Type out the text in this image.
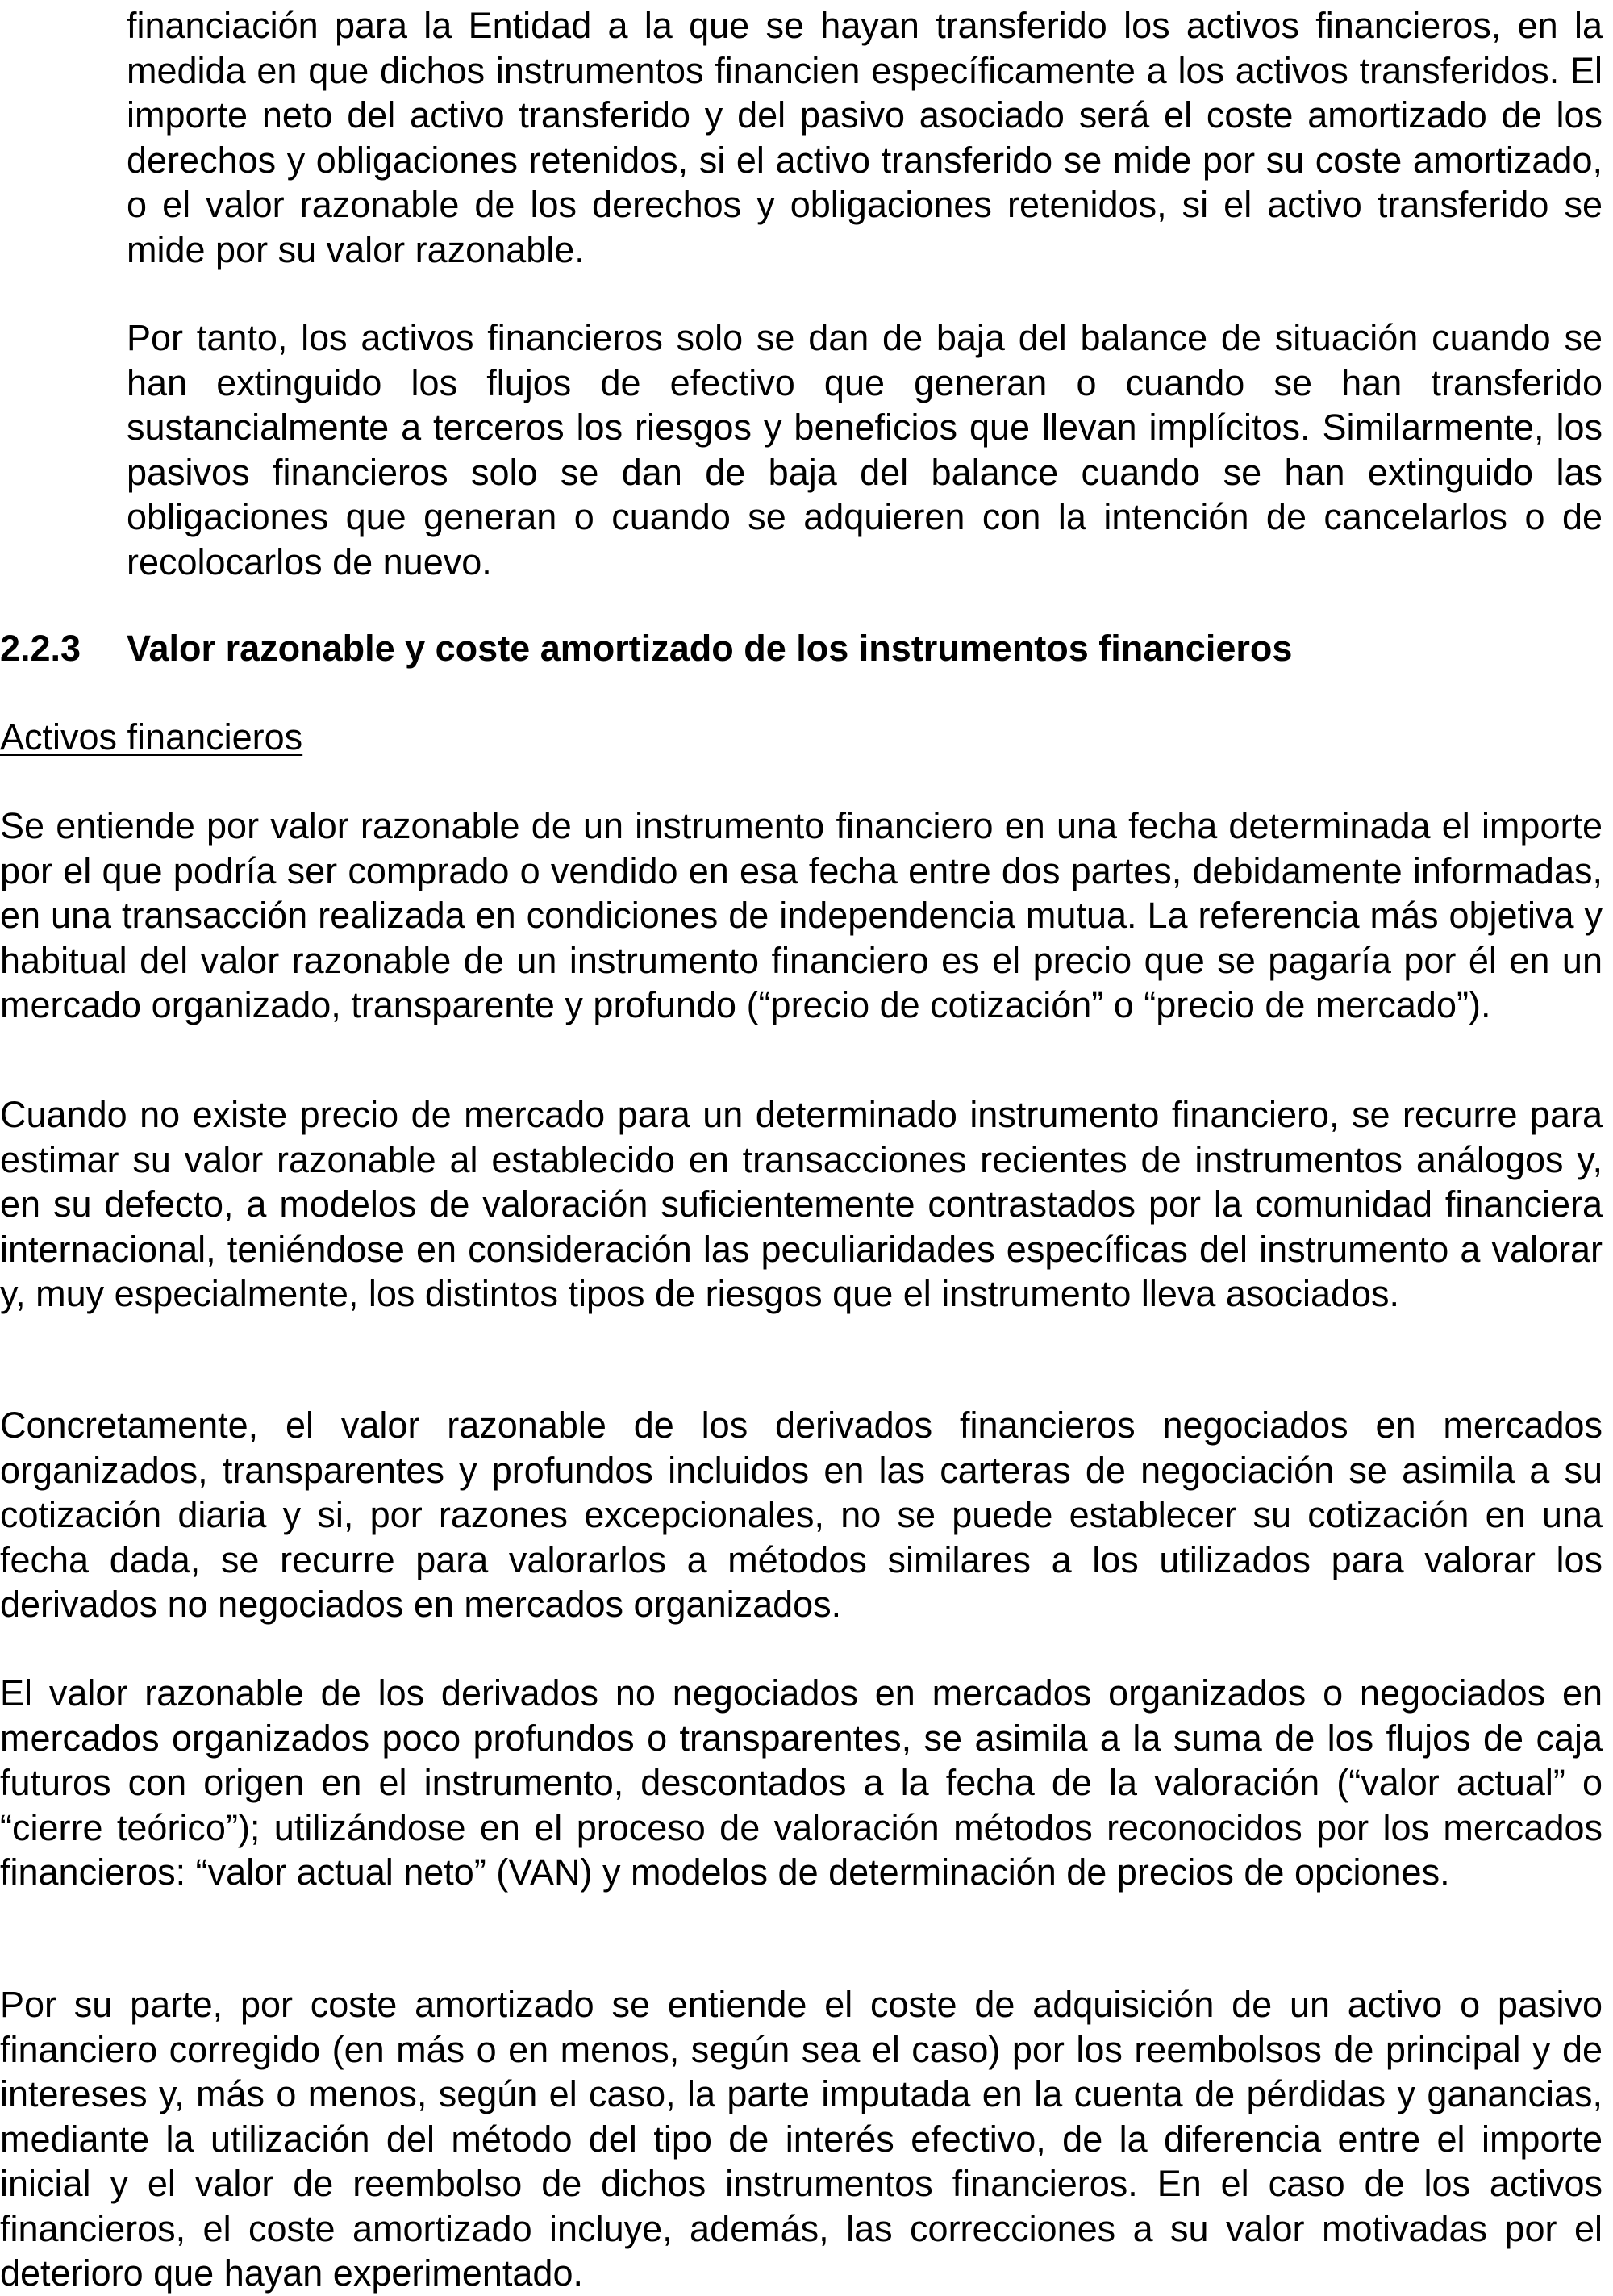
financiación para la Entidad a la que se hayan transferido los activos financieros, en la medida en que dichos instrumentos financien específicamente a los activos transferidos. El importe neto del activo transferido y del pasivo asociado será el coste amortizado de los derechos y obligaciones retenidos, si el activo transferido se mide por su coste amortizado, o el valor razonable de los derechos y obligaciones retenidos, si el activo transferido se mide por su valor razonable.

Por tanto, los activos financieros solo se dan de baja del balance de situación cuando se han extinguido los flujos de efectivo que generan o cuando se han transferido sustancialmente a terceros los riesgos y beneficios que llevan implícitos. Similarmente, los pasivos financieros solo se dan de baja del balance cuando se han extinguido las obligaciones que generan o cuando se adquieren con la intención de cancelarlos o de recolocarlos de nuevo.

2.2.3 Valor razonable y coste amortizado de los instrumentos financieros
Activos financieros

Se entiende por valor razonable de un instrumento financiero en una fecha determinada el importe por el que podría ser comprado o vendido en esa fecha entre dos partes, debidamente informadas, en una transacción realizada en condiciones de independencia mutua. La referencia más objetiva y habitual del valor razonable de un instrumento financiero es el precio que se pagaría por él en un mercado organizado, transparente y profundo (“precio de cotización” o “precio de mercado”).

Cuando no existe precio de mercado para un determinado instrumento financiero, se recurre para estimar su valor razonable al establecido en transacciones recientes de instrumentos análogos y, en su defecto, a modelos de valoración suficientemente contrastados por la comunidad financiera internacional, teniéndose en consideración las peculiaridades específicas del instrumento a valorar y, muy especialmente, los distintos tipos de riesgos que el instrumento lleva asociados.

Concretamente, el valor razonable de los derivados financieros negociados en mercados organizados, transparentes y profundos incluidos en las carteras de negociación se asimila a su cotización diaria y si, por razones excepcionales, no se puede establecer su cotización en una fecha dada, se recurre para valorarlos a métodos similares a los utilizados para valorar los derivados no negociados en mercados organizados.

El valor razonable de los derivados no negociados en mercados organizados o negociados en mercados organizados poco profundos o transparentes, se asimila a la suma de los flujos de caja futuros con origen en el instrumento, descontados a la fecha de la valoración (“valor actual” o “cierre teórico”); utilizándose en el proceso de valoración métodos reconocidos por los mercados financieros: “valor actual neto” (VAN) y modelos de determinación de precios de opciones.

Por su parte, por coste amortizado se entiende el coste de adquisición de un activo o pasivo financiero corregido (en más o en menos, según sea el caso) por los reembolsos de principal y de intereses y, más o menos, según el caso, la parte imputada en la cuenta de pérdidas y ganancias, mediante la utilización del método del tipo de interés efectivo, de la diferencia entre el importe inicial y el valor de reembolso de dichos instrumentos financieros. En el caso de los activos financieros, el coste amortizado incluye, además, las correcciones a su valor motivadas por el deterioro que hayan experimentado.
